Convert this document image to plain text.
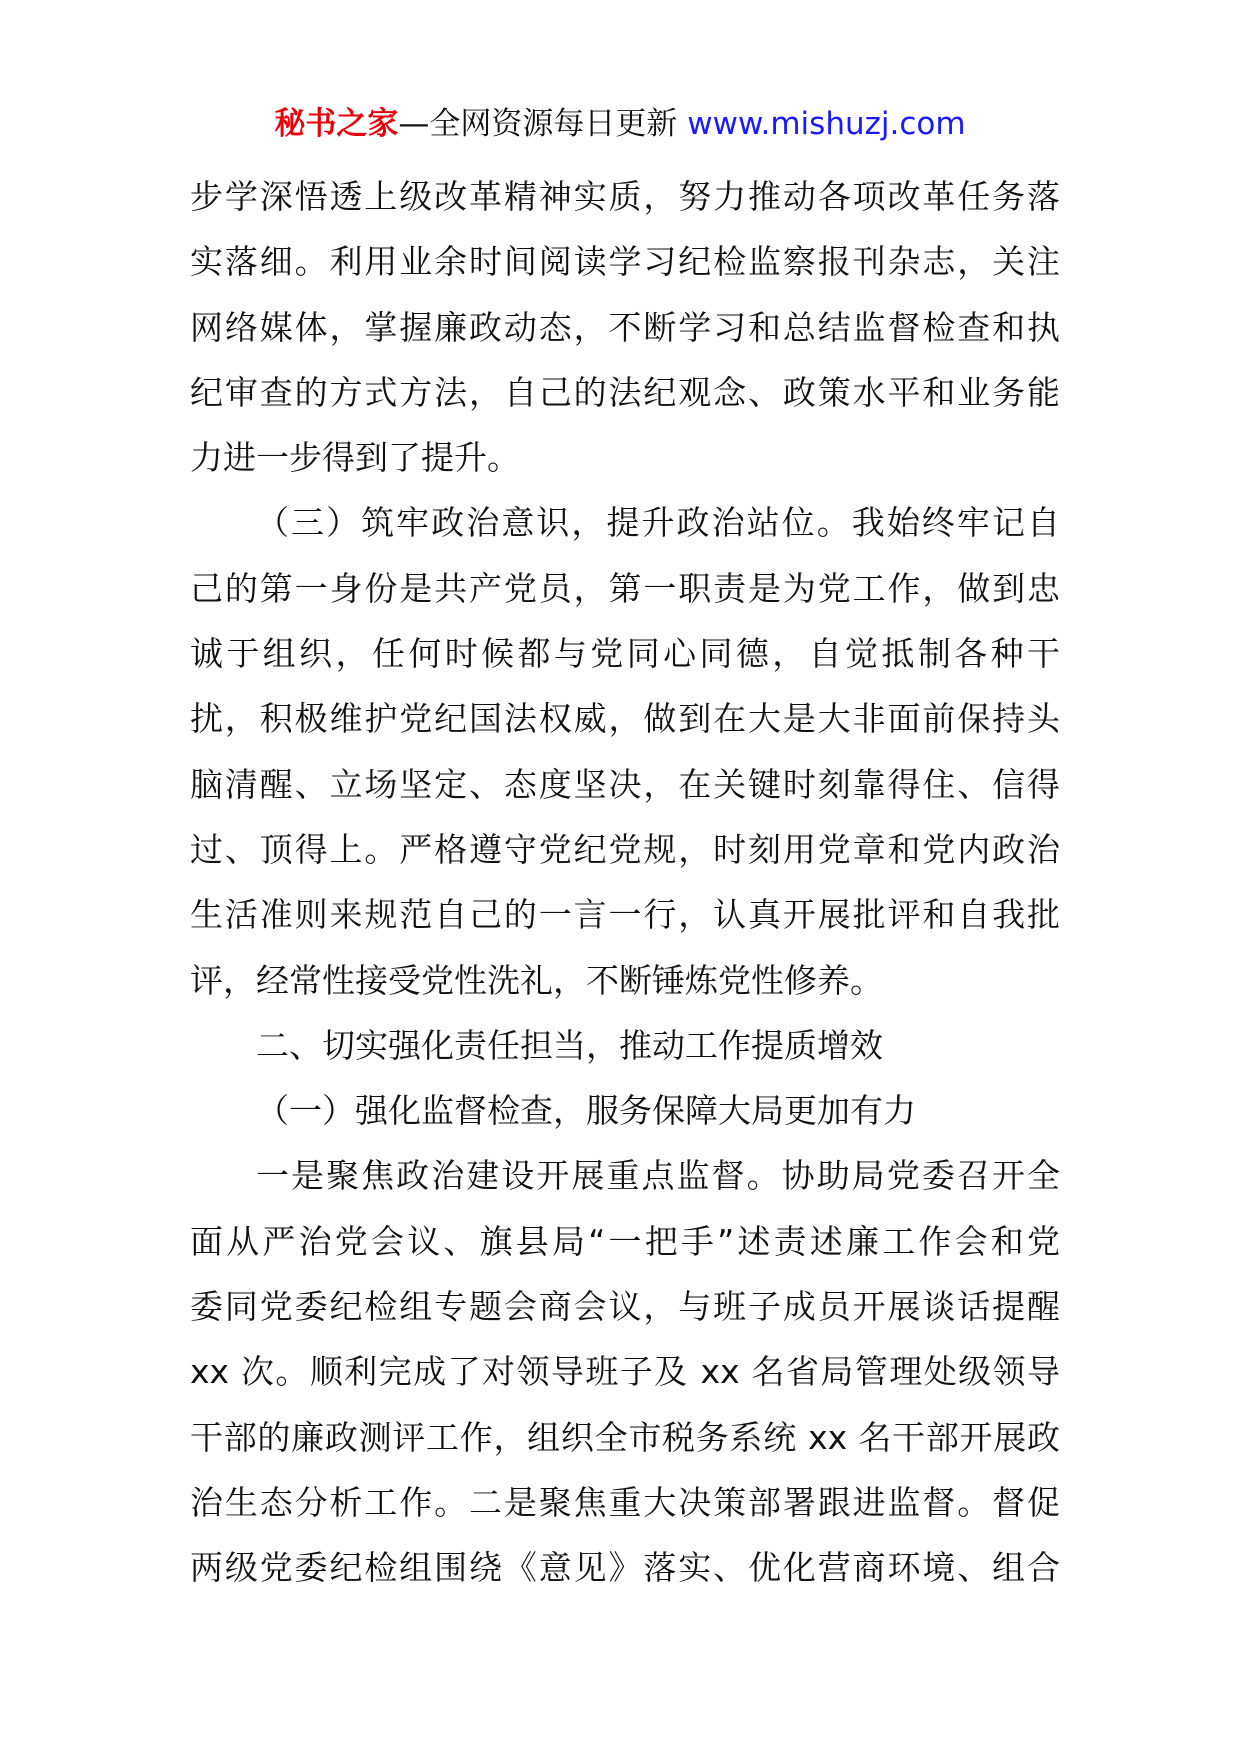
秘书之家—全网资源每日更新 www.mishuzj.com
步学深悟透上级改革精神实质，努力推动各项改革任务落
实落细。利用业余时间阅读学习纪检监察报刊杂志，关注
网络媒体，掌握廉政动态，不断学习和总结监督检查和执
纪审查的方式方法，自己的法纪观念、政策水平和业务能
力进一步得到了提升。
（三）筑牢政治意识，提升政治站位。我始终牢记自
己的第一身份是共产党员，第一职责是为党工作，做到忠
诚于组织，任何时候都与党同心同德，自觉抵制各种干
扰，积极维护党纪国法权威，做到在大是大非面前保持头
脑清醒、立场坚定、态度坚决，在关键时刻靠得住、信得
过、顶得上。严格遵守党纪党规，时刻用党章和党内政治
生活准则来规范自己的一言一行，认真开展批评和自我批
评，经常性接受党性洗礼，不断锤炼党性修养。
二、切实强化责任担当，推动工作提质增效
（一）强化监督检查，服务保障大局更加有力
一是聚焦政治建设开展重点监督。协助局党委召开全
面从严治党会议、旗县局“一把手”述责述廉工作会和党
委同党委纪检组专题会商会议，与班子成员开展谈话提醒
xx 次。顺利完成了对领导班子及 xx 名省局管理处级领导
干部的廉政测评工作，组织全市税务系统 xx 名干部开展政
治生态分析工作。二是聚焦重大决策部署跟进监督。督促
两级党委纪检组围绕《意见》落实、优化营商环境、组合
